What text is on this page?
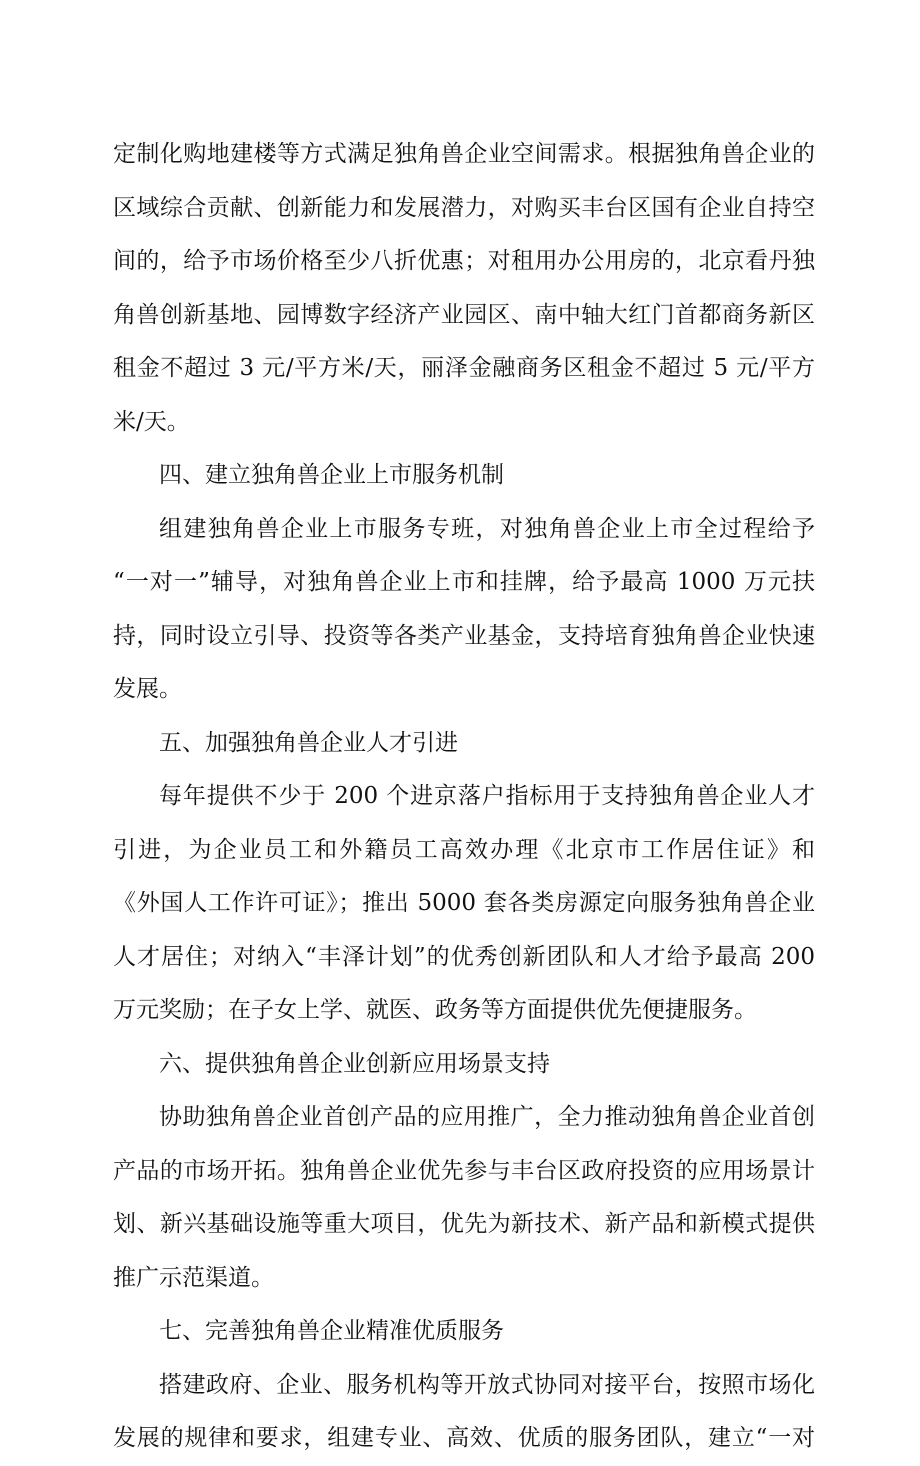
定制化购地建楼等方式满足独角兽企业空间需求。根据独角兽企业的
区域综合贡献、创新能力和发展潜力，对购买丰台区国有企业自持空
间的，给予市场价格至少八折优惠；对租用办公用房的，北京看丹独
角兽创新基地、园博数字经济产业园区、南中轴大红门首都商务新区
租金不超过 3 元/平方米/天，丽泽金融商务区租金不超过 5 元/平方
米/天。

四、建立独角兽企业上市服务机制

组建独角兽企业上市服务专班，对独角兽企业上市全过程给予
“一对一”辅导，对独角兽企业上市和挂牌，给予最高 1000 万元扶
持，同时设立引导、投资等各类产业基金，支持培育独角兽企业快速
发展。

五、加强独角兽企业人才引进

每年提供不少于 200 个进京落户指标用于支持独角兽企业人才
引进，为企业员工和外籍员工高效办理《北京市工作居住证》和
《外国人工作许可证》；推出 5000 套各类房源定向服务独角兽企业
人才居住；对纳入“丰泽计划”的优秀创新团队和人才给予最高 200
万元奖励；在子女上学、就医、政务等方面提供优先便捷服务。

六、提供独角兽企业创新应用场景支持

协助独角兽企业首创产品的应用推广，全力推动独角兽企业首创
产品的市场开拓。独角兽企业优先参与丰台区政府投资的应用场景计
划、新兴基础设施等重大项目，优先为新技术、新产品和新模式提供
推广示范渠道。

七、完善独角兽企业精准优质服务

搭建政府、企业、服务机构等开放式协同对接平台，按照市场化
发展的规律和要求，组建专业、高效、优质的服务团队，建立“一对
